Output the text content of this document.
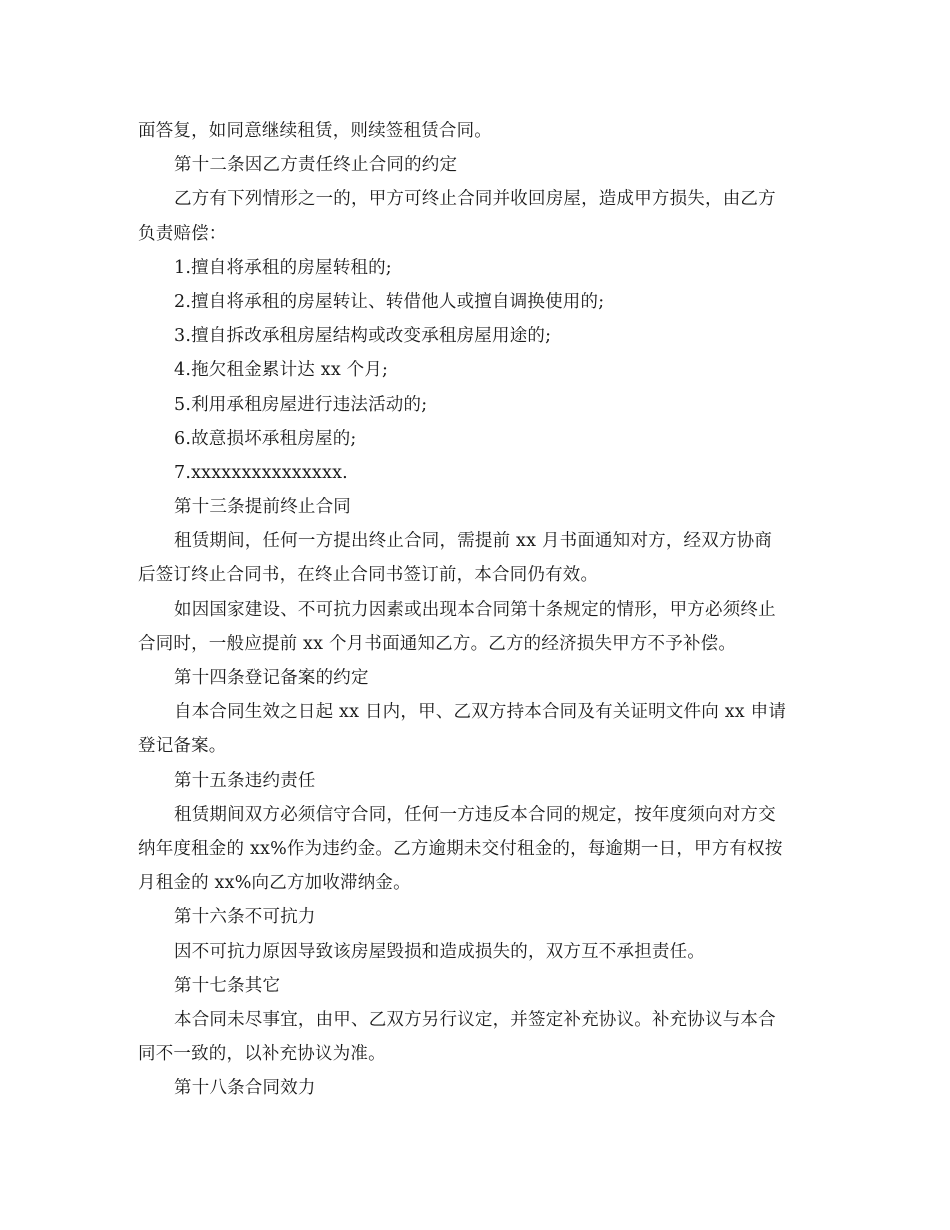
面答复，如同意继续租赁，则续签租赁合同。
第十二条因乙方责任终止合同的约定
乙方有下列情形之一的，甲方可终止合同并收回房屋，造成甲方损失，由乙方
负责赔偿：
1.擅自将承租的房屋转租的;
2.擅自将承租的房屋转让、转借他人或擅自调换使用的;
3.擅自拆改承租房屋结构或改变承租房屋用途的;
4.拖欠租金累计达 xx 个月;
5.利用承租房屋进行违法活动的;
6.故意损坏承租房屋的;
7.xxxxxxxxxxxxxxx.
第十三条提前终止合同
租赁期间，任何一方提出终止合同，需提前 xx 月书面通知对方，经双方协商
后签订终止合同书，在终止合同书签订前，本合同仍有效。
如因国家建设、不可抗力因素或出现本合同第十条规定的情形，甲方必须终止
合同时，一般应提前 xx 个月书面通知乙方。乙方的经济损失甲方不予补偿。
第十四条登记备案的约定
自本合同生效之日起 xx 日内，甲、乙双方持本合同及有关证明文件向 xx 申请
登记备案。
第十五条违约责任
租赁期间双方必须信守合同，任何一方违反本合同的规定，按年度须向对方交
纳年度租金的 xx%作为违约金。乙方逾期未交付租金的，每逾期一日，甲方有权按
月租金的 xx%向乙方加收滞纳金。
第十六条不可抗力
因不可抗力原因导致该房屋毁损和造成损失的，双方互不承担责任。
第十七条其它
本合同未尽事宜，由甲、乙双方另行议定，并签定补充协议。补充协议与本合
同不一致的，以补充协议为准。
第十八条合同效力
